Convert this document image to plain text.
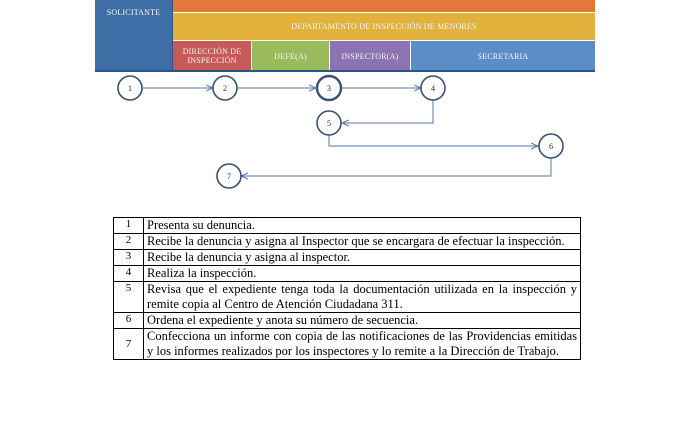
SOLICITANTE
DEPARTAMENTO DE INSPECCIÓN DE MENORES
DIRECCIÓN DE INSPECCIÓN	IJEFE(A)	INSPECTOR(A)	SECRETARIA
1	2	3	4
5
6
7
1	Presenta su denuncia.
2	Recibe la denuncia y asigna al Inspector que se encargara de efectuar la inspección.
3	Recibe la denuncia y asigna al inspector.
4	Realiza la inspección.
5	Revisa que el expediente tenga toda la documentación utilizada en la inspección y remite copia al Centro de Atención Ciudadana 311.
6	Ordena el expediente y anota su número de secuencia.
7	Confecciona un informe con copia de las notificaciones de las Providencias emitidas y los informes realizados por los inspectores y lo remite a la Dirección de Trabajo.
